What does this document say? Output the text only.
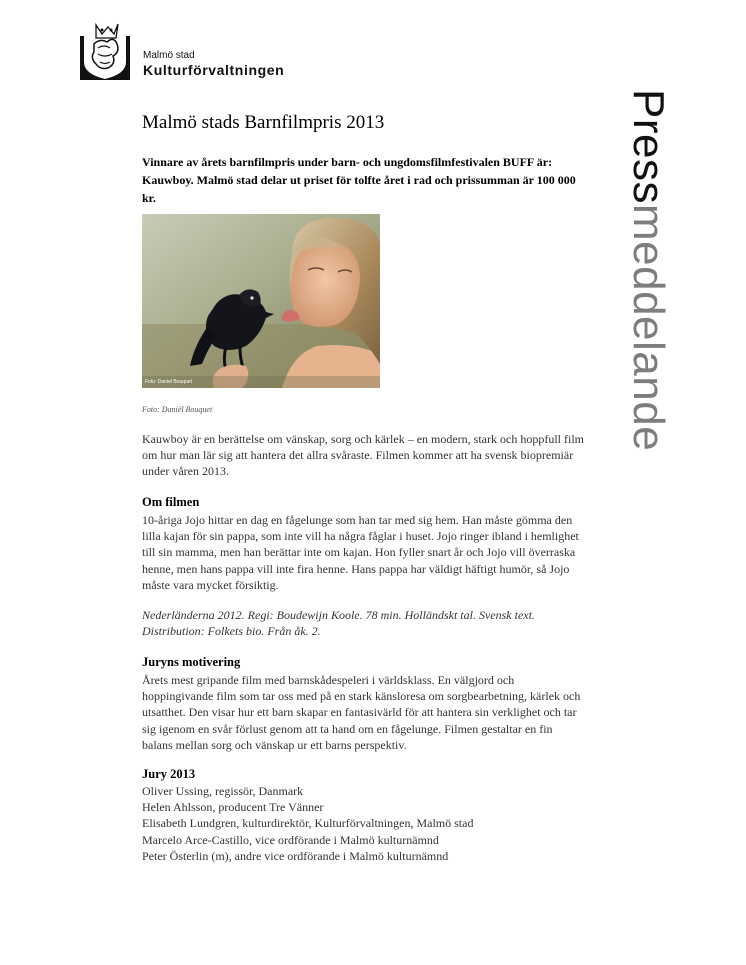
Malmö stad
Kulturförvaltningen
Pressmeddelande
Malmö stads Barnfilmpris 2013
Vinnare av årets barnfilmpris under barn- och ungdomsfilmfestivalen BUFF är: Kauwboy. Malmö stad delar ut priset för tolfte året i rad och prissumman är 100 000 kr.
Foto: Daniel Bouquet
Foto: Daniël Bouquet
Kauwboy är en berättelse om vänskap, sorg och kärlek – en modern, stark och hoppfull film om hur man lär sig att hantera det allra svåraste. Filmen kommer att ha svensk biopremiär under våren 2013.
Om filmen
10-åriga Jojo hittar en dag en fågelunge som han tar med sig hem. Han måste gömma den lilla kajan för sin pappa, som inte vill ha några fåglar i huset. Jojo ringer ibland i hemlighet till sin mamma, men han berättar inte om kajan. Hon fyller snart år och Jojo vill överraska henne, men hans pappa vill inte fira henne. Hans pappa har väldigt häftigt humör, så Jojo måste vara mycket försiktig.
Nederländerna 2012. Regi: Boudewijn Koole. 78 min. Holländskt tal. Svensk text. Distribution: Folkets bio. Från åk. 2.
Juryns motivering
Årets mest gripande film med barnskådespeleri i världsklass. En välgjord och hoppingivande film som tar oss med på en stark känsloresa om sorgbearbetning, kärlek och utsatthet. Den visar hur ett barn skapar en fantasivärld för att hantera sin verklighet och tar sig igenom en svår förlust genom att ta hand om en fågelunge. Filmen gestaltar en fin balans mellan sorg och vänskap ur ett barns perspektiv.
Jury 2013
Oliver Ussing, regissör, Danmark
Helen Ahlsson, producent Tre Vänner
Elisabeth Lundgren, kulturdirektör, Kulturförvaltningen, Malmö stad
Marcelo Arce-Castillo, vice ordförande i Malmö kulturnämnd
Peter Österlin (m), andre vice ordförande i Malmö kulturnämnd
